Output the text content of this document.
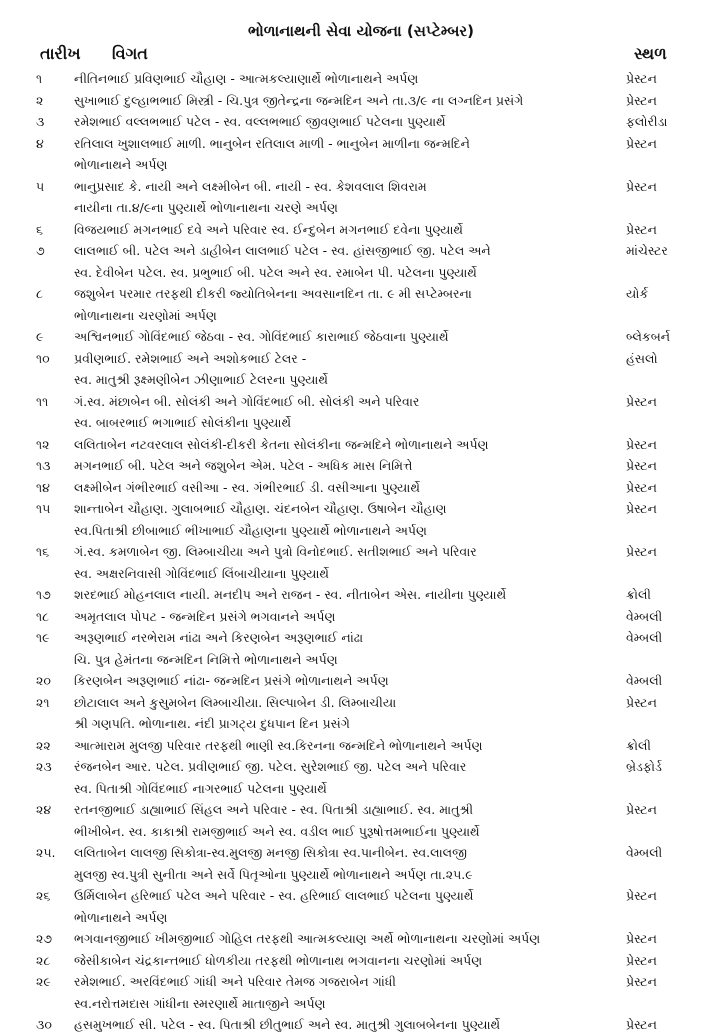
ભોળાનાથની સેવા યોજના (સપ્ટેમ્બર)
તારીખ વિગત	સ્થળ
૧	નીતિનભાઈ પ્રવિણભાઈ ચૌહાણ - આત્મકલ્યાણાર્થે ભોળાનાથને અર્પણ	પ્રેસ્ટન
૨	સુખાભાઈ દુલ્હાભભાઈ મિસ્ત્રી - ચિ.પુત્ર જીતેન્દ્રના જન્મદિન અને તા.૩/૯ ના લગ્નદિન પ્રસંગે	પ્રેસ્ટન
૩	રમેશભાઈ વલ્લભભાઈ પટેલ - સ્વ. વલ્લભભાઈ જીવણભાઈ પટેલના પુણ્યાર્થે	ફલોરીડા
૪	રતિલાલ ખુશાલભાઈ માળી. ભાનુબેન રતિલાલ માળી - ભાનુબેન માળીના જન્મદિને
ભોળાનાથને અર્પણ
પ્રેસ્ટન
૫	ભાનુપ્રસાદ કે. નાયી અને લક્ષ્મીબેન બી. નાયી - સ્વ. કેશવલાલ શિવરામ
નાયીના તા.૪/૯ના પુણ્યાર્થે ભોળાનાથના ચરણે અર્પણ
પ્રેસ્ટન
૬	વિજયભાઈ મગનભાઈ દવે અને પરિવાર સ્વ. ઈન્દુબેન મગનભાઈ દવેના પુણ્યાર્થે	પ્રેસ્ટન
૭	લાલભાઈ બી. પટેલ અને ડાહીબેન લાલભાઈ પટેલ - સ્વ. હાંસજીભાઈ જી. પટેલ અને
સ્વ. દેવીબેન પટેલ. સ્વ. પ્રભુભાઈ બી. પટેલ અને સ્વ. રમાબેન પી. પટેલના પુણ્યાર્થે
માંચેસ્ટર
૮	જશુબેન પરમાર તરફથી દીકરી જ્યોતિબેનના અવસાનદિન તા. ૯ મી સપ્ટેમ્બરના
ભોળાનાથના ચરણોમાં અર્પણ
યોર્ક
૯	અશ્વિનભાઈ ગોવિંદભાઈ જેઠવા - સ્વ. ગોવિંદભાઈ કારાભાઈ જેઠવાના પુણ્યાર્થે	બ્લેકબર્ન
૧૦	પ્રવીણભાઈ. રમેશભાઈ અને અશોકભાઈ ટેલર -
સ્વ. માતુશ્રી રૂક્ષ્મણીબેન ઝીણાભાઈ ટેલરના પુણ્યાર્થે
હંસલો
૧૧	ગં.સ્વ. મંછાબેન બી. સોલંકી અને ગોવિંદભાઈ બી. સોલંકી અને પરિવાર
સ્વ. બાબરભાઈ ભગાભાઈ સોલંકીના પુણ્યાર્થે
પ્રેસ્ટન
૧૨	લલિતાબેન નટવરલાલ સોલંકી-દીકરી કેતના સોલંકીના જન્મદિને ભોળાનાથને અર્પણ	પ્રેસ્ટન
૧૩	મગનભાઈ બી. પટેલ અને જશુબેન એમ. પટેલ - અધિક માસ નિમિત્તે	પ્રેસ્ટન
૧૪	લક્ષ્મીબેન ગંભીરભાઈ વસીઆ - સ્વ. ગંભીરભાઈ ડી. વસીઆના પુણ્યાર્થે	પ્રેસ્ટન
૧૫	શાન્તાબેન ચૌહાણ. ગુલાબભાઈ ચૌહાણ. ચંદનબેન ચૌહાણ. ઉષાબેન ચૌહાણ
સ્વ.પિતાશ્રી છીબાભાઈ ભીખાભાઈ ચૌહાણના પુણ્યાર્થે ભોળાનાથને અર્પણ
પ્રેસ્ટન
૧૬	ગં.સ્વ. કમળાબેન જી. લિમ્બાચીયા અને પુત્રો વિનોદભાઈ. સતીશભાઈ અને પરિવાર
સ્વ. અક્ષરનિવાસી ગોવિંદભાઈ લિંબાચીયાના પુણ્યાર્થે
પ્રેસ્ટન
૧૭	શરદભાઈ મોહનલાલ નાયી. મનદીપ અને રાજન - સ્વ. નીતાબેન એસ. નાયીના પુણ્યાર્થે	ક્રોલી
૧૮	અમૃતલાલ પોપટ - જન્મદિન પ્રસંગે ભગવાનને અર્પણ	વેમ્બલી
૧૯	અરૂણભાઈ નરભેરામ નાંઢા અને કિરણબેન અરૂણભાઈ નાંઢા
ચિ. પુત્ર હેમંતના જન્મદિન નિમિત્તે ભોળાનાથને અર્પણ
વેમ્બલી
૨૦	કિરણબેન અરૂણભાઈ નાંઢા- જન્મદિન પ્રસંગે ભોળાનાથને અર્પણ	વેમ્બલી
૨૧	છોટાલાલ અને કુસુમબેન લિમ્બાચીયા. સિલ્પાબેન ડી. લિમ્બાચીયા
શ્રી ગણપતિ. ભોળાનાથ. નંદી પ્રાગટ્ય દુધપાન દિન પ્રસંગે
પ્રેસ્ટન
૨૨	આત્મારામ મુલજી પરિવાર તરફથી ભાણી સ્વ.કિરનના જન્મદિને ભોળાનાથને અર્પણ	ક્રોલી
૨૩	રંજનબેન આર. પટેલ. પ્રવીણભાઈ જી. પટેલ. સુરેશભાઈ જી. પટેલ અને પરિવાર
સ્વ. પિતાશ્રી ગોવિંદભાઈ નાગરભાઈ પટેલના પુણ્યાર્થે
બ્રેડફોર્ડ
૨૪	રતનજીભાઈ ડાહ્યાભાઈ સિંહલ અને પરિવાર - સ્વ. પિતાશ્રી ડાહ્યાભાઈ. સ્વ. માતુશ્રી
ભીખીબેન. સ્વ. કાકાશ્રી રામજીભાઈ અને સ્વ. વડીલ ભાઈ પુરૂષોત્તમભાઈના પુણ્યાર્થે
પ્રેસ્ટન
૨૫.	લલિતાબેન લાલજી સિકોત્રા-સ્વ.મુલજી મનજી સિકોત્રા સ્વ.પાનીબેન. સ્વ.લાલજી
મુલજી સ્વ.પુત્રી સુનીતા અને સર્વે પિતૃઓના પુણ્યાર્થે ભોળાનાથને અર્પણ તા.૨૫.૯
વેમ્બલી
૨૬	ઉર્મિલાબેન હરિભાઈ પટેલ અને પરિવાર - સ્વ. હરિભાઈ લાલભાઈ પટેલના પુણ્યાર્થે
ભોળાનાથને અર્પણ
પ્રેસ્ટન
૨૭	ભગવાનજીભાઈ ખીમજીભાઈ ગોહિલ તરફથી આત્મકલ્યાણ અર્થે ભોળાનાથના ચરણોમાં અર્પણ	પ્રેસ્ટન
૨૮	જેસીકાબેન ચંદ્રકાન્તભાઈ ધોળકીયા તરફથી ભોળાનાથ ભગવાનના ચરણોમાં અર્પણ	પ્રેસ્ટન
૨૯	રમેશભાઈ. અરવિંદભાઈ ગાંધી અને પરિવાર તેમજ ગજરાબેન ગાંધી
સ્વ.નરોત્તમદાસ ગાંધીના સ્મરણાર્થે માતાજીને અર્પણ
પ્રેસ્ટન
૩૦	હસમુખભાઈ સી. પટેલ - સ્વ. પિતાશ્રી છીતુભાઈ અને સ્વ. માતુશ્રી ગુલાબબેનના પુણ્યાર્થે	પ્રેસ્ટન
